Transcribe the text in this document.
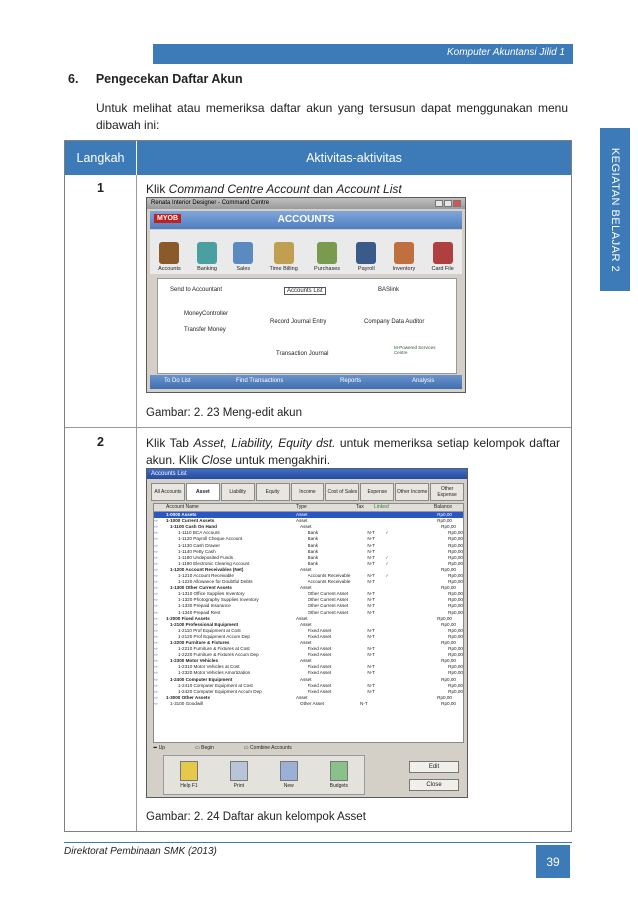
Komputer Akuntansi Jilid 1
KEGIATAN BELAJAR 2
6. Pengecekan Daftar Akun
Untuk melihat atau memeriksa daftar akun yang tersusun dapat menggunakan menu dibawah ini:
Langkah	Aktivitas-aktivitas
1	Klik Command Centre Account dan Account List
Gambar: 2. 23 Meng-edit akun
2	Klik Tab Asset, Liability, Equity dst. untuk memeriksa setiap kelompok daftar akun. Klik Close untuk mengakhiri.
Gambar: 2. 24 Daftar akun kelompok Asset
Renata Interior Designer - Command Centre
MYOB	ACCOUNTS
Accounts	Banking	Sales	Time Billing	Purchases	Payroll	Inventory	Card File
Send to Accountant	Accounts List	BASlink
MoneyController
Transfer Money
Record Journal Entry	Company Data Auditor
Transaction Journal
M-Powered Services Centre
To Do List	Find Transactions	Reports	Analysis
Accounts List
All Accounts	Asset	Liability	Equity	Income	Cost of Sales	Expense	Other Income	Other Expense
Account Name	Type	Tax	Linked	Balance
⇨	1-0000 Assets	Asset	Rp0,00
⇨	1-1000 Current Assets	Asset	Rp0,00
⇨	1-1100 Cash On Hand	Asset	Rp0,00
⇨	1-1110 BCA Account	Bank	N-T	✓	Rp0,00
⇨	1-1120 Payroll Cheque Account	Bank	N-T	Rp0,00
⇨	1-1130 Cash Drawer	Bank	N-T	Rp0,00
⇨	1-1140 Petty Cash	Bank	N-T	Rp0,00
⇨	1-1180 Undeposited Funds	Bank	N-T	✓	Rp0,00
⇨	1-1190 Electronic Clearing Account	Bank	N-T	✓	Rp0,00
⇨	1-1200 Account Receivables (Net)	Asset	Rp0,00
⇨	1-1210 Account Receivable	Accounts Receivable	N-T	✓	Rp0,00
⇨	1-1220 Allowance for Doubtful Debts	Accounts Receivable	N-T	Rp0,00
⇨	1-1300 Other Current Assets	Asset	Rp0,00
⇨	1-1310 Office Supplies Inventory	Other Current Asset	N-T	Rp0,00
⇨	1-1320 Photography Supplies Inventory	Other Current Asset	N-T	Rp0,00
⇨	1-1330 Prepaid Insurance	Other Current Asset	N-T	Rp0,00
⇨	1-1340 Prepaid Rent	Other Current Asset	N-T	Rp0,00
⇨	1-2000 Fixed Assets	Asset	Rp0,00
⇨	1-2100 Professional Equipment	Asset	Rp0,00
⇨	1-2110 Prof Equipment at Cost	Fixed Asset	N-T	Rp0,00
⇨	1-2120 Prof Equipment Accum Dep	Fixed Asset	N-T	Rp0,00
⇨	1-2200 Furniture & Fixtures	Asset	Rp0,00
⇨	1-2210 Furniture & Fixtures at Cost	Fixed Asset	N-T	Rp0,00
⇨	1-2220 Furniture & Fixtures Accum Dep	Fixed Asset	N-T	Rp0,00
⇨	1-2300 Motor Vehicles	Asset	Rp0,00
⇨	1-2310 Motor Vehicles at Cost	Fixed Asset	N-T	Rp0,00
⇨	1-2320 Motor Vehicles Amortization	Fixed Asset	N-T	Rp0,00
⇨	1-2400 Computer Equipment	Asset	Rp0,00
⇨	1-2410 Computer Equipment at Cost	Fixed Asset	N-T	Rp0,00
⇨	1-2420 Computer Equipment Accum Dep	Fixed Asset	N-T	Rp0,00
⇨	1-3000 Other Assets	Asset	Rp0,00
⇨	1-3100 Goodwill	Other Asset	N-T	Rp0,00
⬅ Up	▭ Begin	▭ Combine Accounts
Help F1	Print	New	Budgets
Edit
Close
Direktorat Pembinaan SMK (2013)
39
